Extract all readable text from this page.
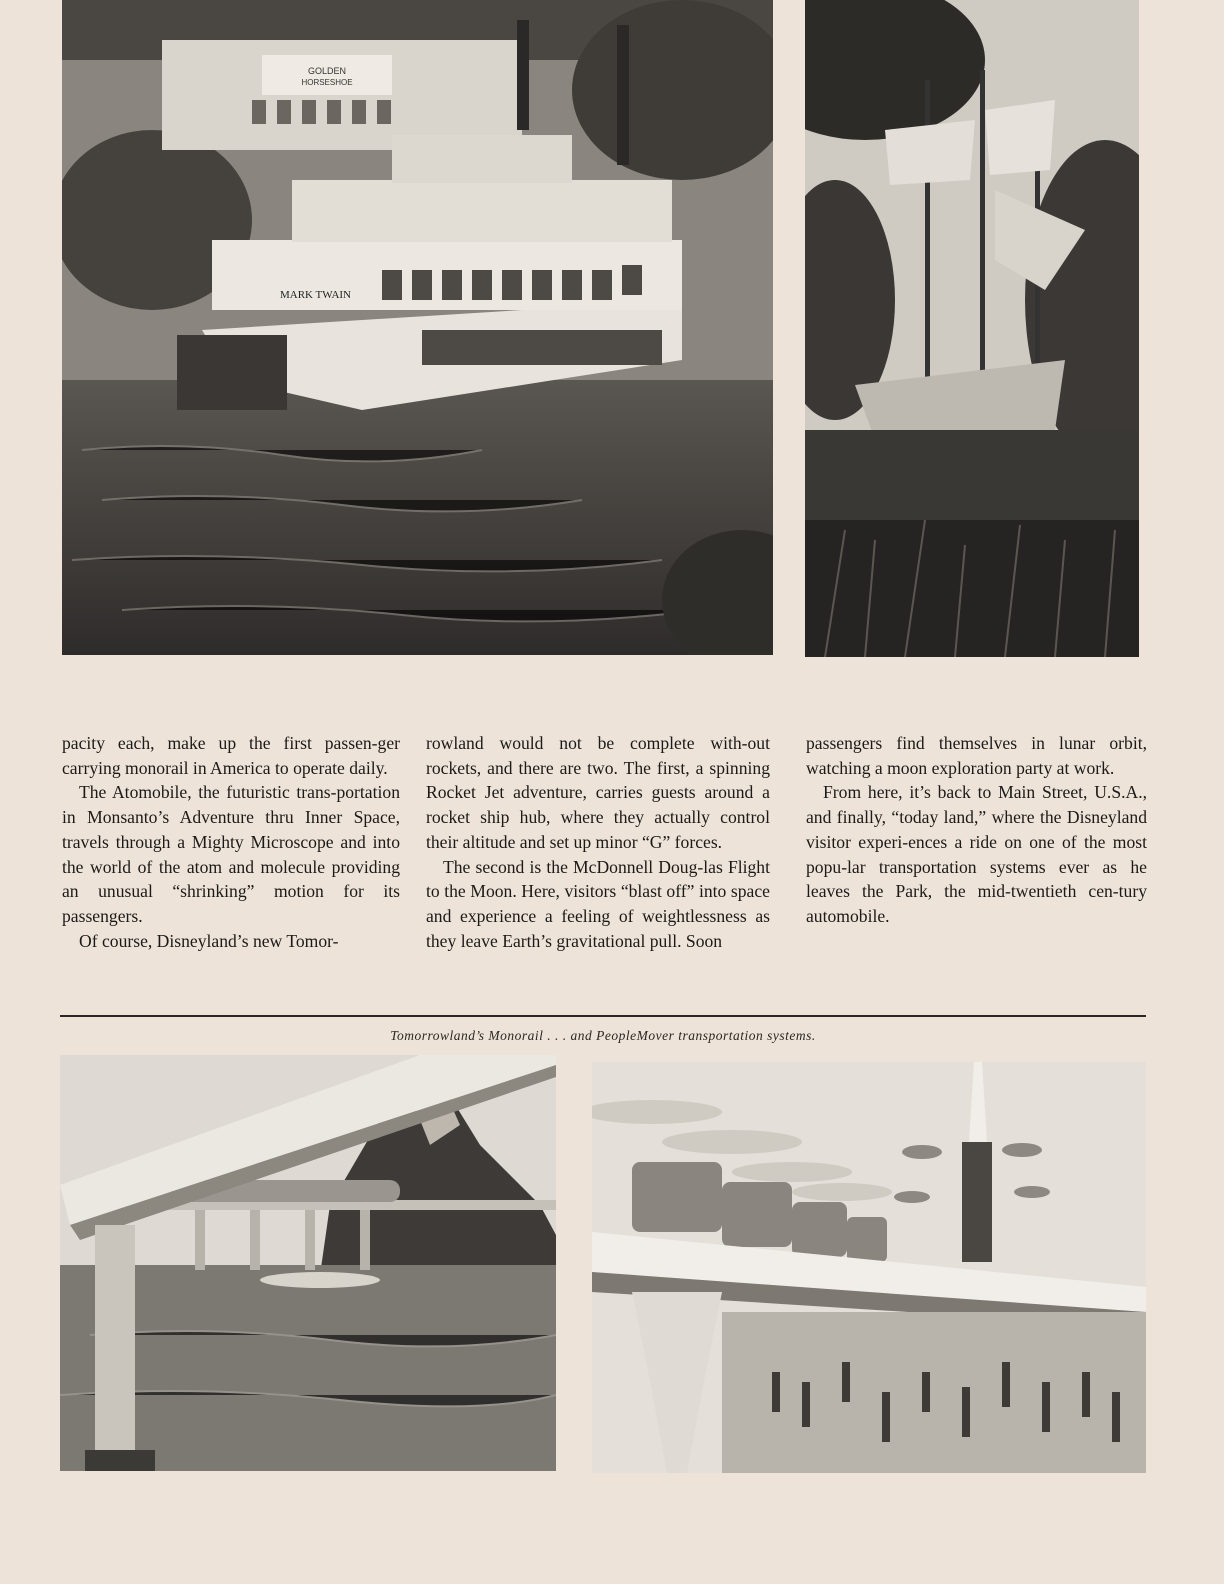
GOLDEN
HORSESHOE
MARK TWAIN

pacity each, make up the first passen-ger carrying monorail in America to operate daily.

The Atomobile, the futuristic trans-portation in Monsanto’s Adventure thru Inner Space, travels through a Mighty Microscope and into the world of the atom and molecule providing an unusual “shrinking” motion for its passengers.

Of course, Disneyland’s new Tomor-

rowland would not be complete with-out rockets, and there are two. The first, a spinning Rocket Jet adventure, carries guests around a rocket ship hub, where they actually control their altitude and set up minor “G” forces.

The second is the McDonnell Doug-las Flight to the Moon. Here, visitors “blast off” into space and experience a feeling of weightlessness as they leave Earth’s gravitational pull. Soon

passengers find themselves in lunar orbit, watching a moon exploration party at work.

From here, it’s back to Main Street, U.S.A., and finally, “today land,” where the Disneyland visitor experi-ences a ride on one of the most popu-lar transportation systems ever as he leaves the Park, the mid-twentieth cen-tury automobile.

Tomorrowland’s Monorail . . . and PeopleMover transportation systems.
